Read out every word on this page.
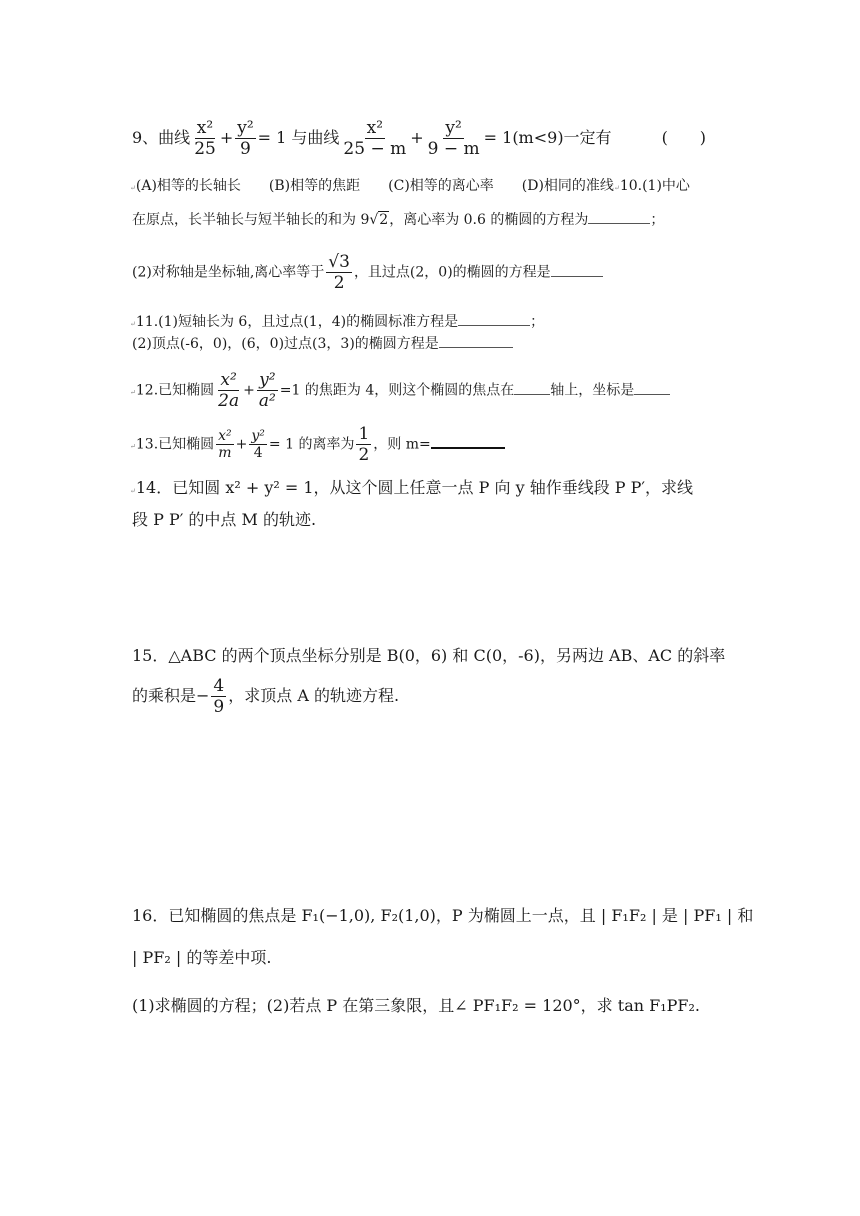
9、曲线 $\frac{\text{x²}}{25} + \frac{\text{y²}}{9} = 1$ 与曲线 $\frac{\text{x²}}{25 - m} + \frac{\text{y²}}{9 - m} = 1(m<9)$一定有	(　　)
↵(A)相等的长轴长 (B)相等的焦距 (C)相等的离心率 (D)相同的准线↵10.(1)中心
在原点，长半轴长与短半轴长的和为 9√2，离心率为 0.6 的椭圆的方程为	；
(2)对称轴是坐标轴,离心率等于 $\frac{√3}{2}$ ，且过点(2，0)的椭圆的方程是
↵11.(1)短轴长为 6，且过点(1，4)的椭圆标准方程是	；
(2)顶点(-6，0)，(6，0)过点(3，3)的椭圆方程是
↵12.已知椭圆 $\frac{\text{x²}}{2a} + \frac{\text{y²}}{\text{a²}} =1$ 的焦距为 4，则这个椭圆的焦点在	轴上，坐标是
↵13.已知椭圆 $\frac{\text{x²}}{m} + \frac{\text{y²}}{4} = 1$ 的离率为 $\frac{1}{2}$ ，则 m=
↵14．已知圆 x² + y² = 1，从这个圆上任意一点 P 向 y 轴作垂线段 P P′，求线
段 P P′ 的中点 M 的轨迹.
15．△ABC 的两个顶点坐标分别是 B(0，6) 和 C(0，-6)，另两边 AB、AC 的斜率
的乘积是− $\frac{4}{9}$ ，求顶点 A 的轨迹方程.
16．已知椭圆的焦点是 F₁(−1,0), F₂(1,0)，P 为椭圆上一点，且 | F₁F₂ | 是 | PF₁ | 和
| PF₂ | 的等差中项.
(1)求椭圆的方程；(2)若点 P 在第三象限，且∠ PF₁F₂ = 120°，求 tan F₁PF₂.
